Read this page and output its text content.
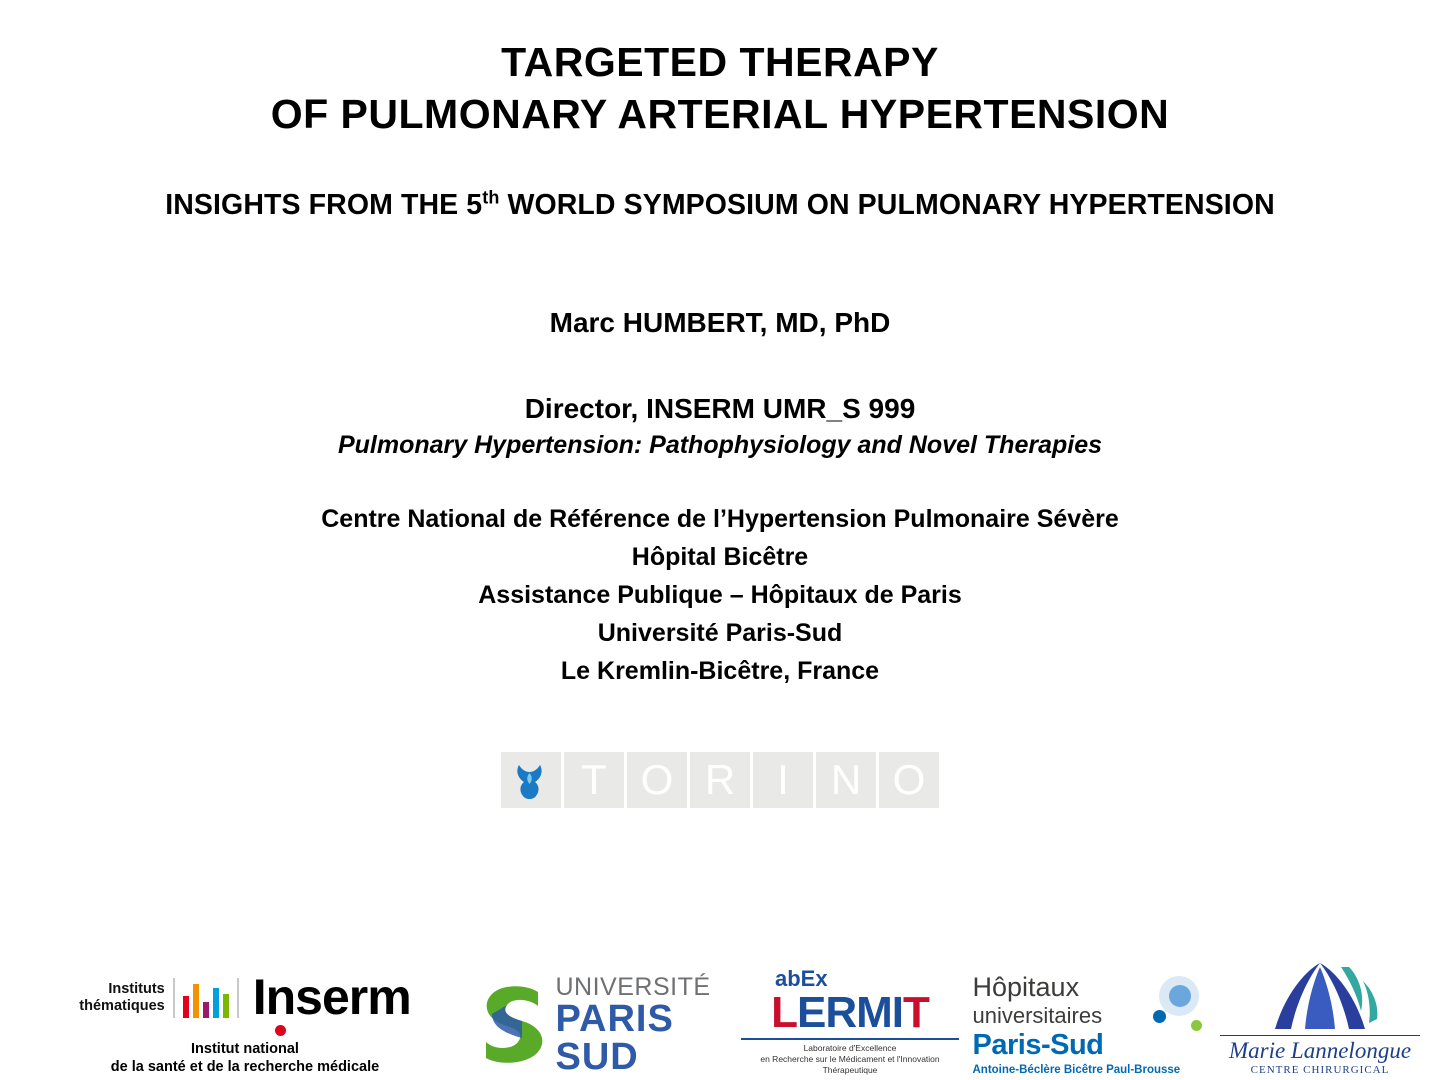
TARGETED THERAPY
OF PULMONARY ARTERIAL HYPERTENSION
INSIGHTS FROM THE 5th WORLD SYMPOSIUM ON PULMONARY HYPERTENSION
Marc HUMBERT, MD, PhD
Director, INSERM UMR_S 999
Pulmonary Hypertension: Pathophysiology and Novel Therapies
Centre National de Référence de l’Hypertension Pulmonaire Sévère
Hôpital Bicêtre
Assistance Publique – Hôpitaux de Paris
Université Paris-Sud
Le Kremlin-Bicêtre, France
T O R I	N O
Instituts
thématiques Inserm
Institut national
de la santé et de la recherche médicale
UNIVERSITÉ
PARIS
SUD
abEx
LERMIT
Laboratoire d'Excellence
en Recherche sur le Médicament et l'Innovation Thérapeutique
Hôpitaux
universitaires
Paris-Sud
Antoine-Béclère Bicêtre Paul-Brousse
Marie Lannelongue
CENTRE CHIRURGICAL
